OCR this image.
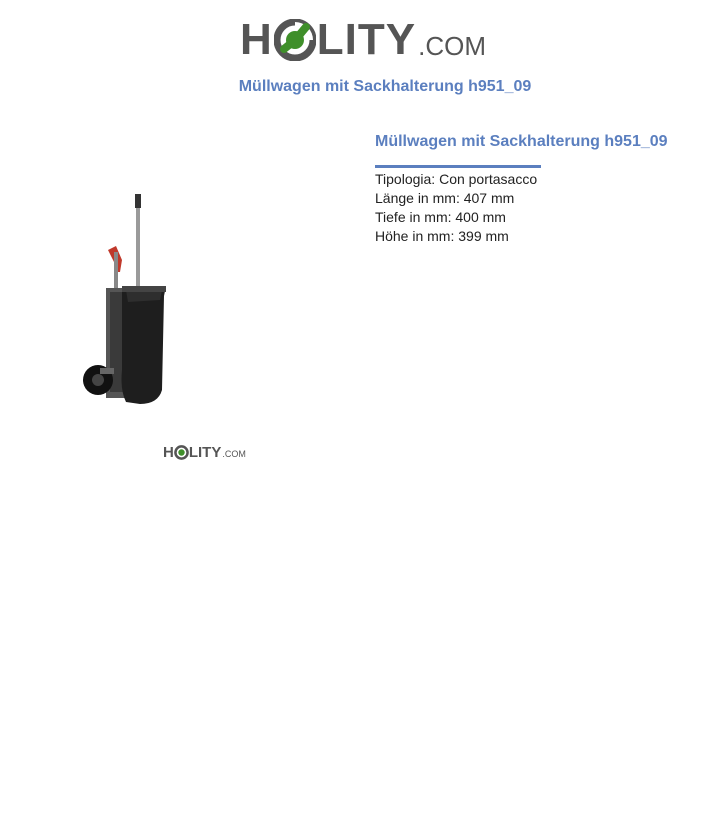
H LITY .COM
Müllwagen mit Sackhalterung h951_09
H LITY .COM
Müllwagen mit Sackhalterung h951_09
Tipologia: Con portasacco
Länge in mm: 407 mm
Tiefe in mm: 400 mm
Höhe in mm: 399 mm
